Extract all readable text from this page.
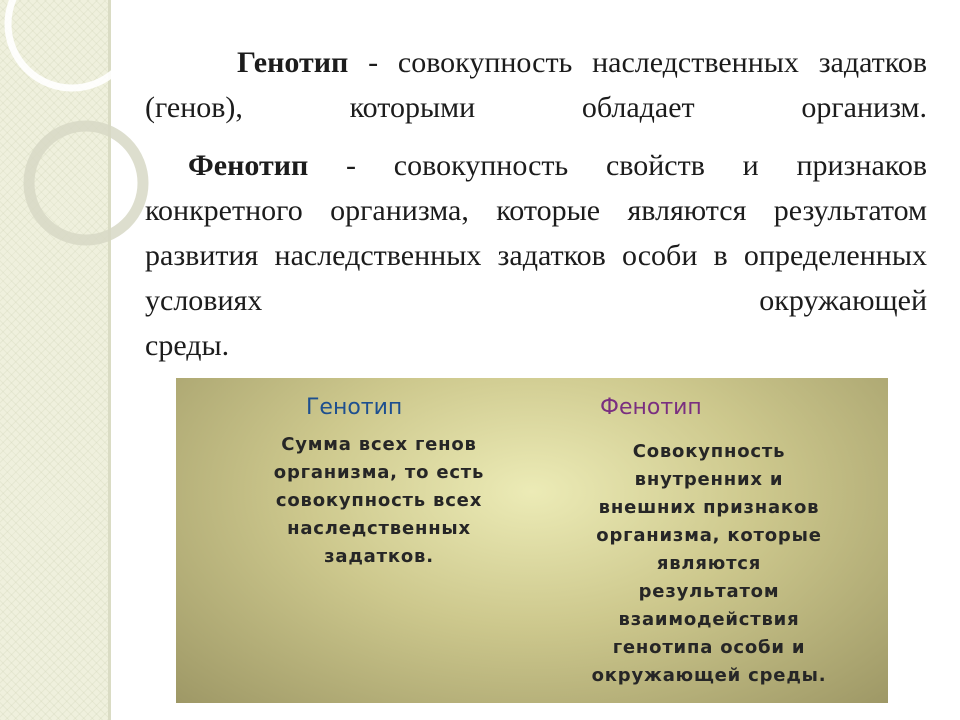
Генотип - совокупность наследственных задатков (генов), которыми обладает организм.

Фенотип - совокупность свойств и признаков конкретного организма, которые являются результатом развития наследственных задатков особи в определенных условиях окружающей

среды.

Генотип	Фенотип

Сумма всех генов
организма, то есть
совокупность всех
наследственных
задатков.

Совокупность
внутренних и
внешних признаков
организма, которые
являются
результатом
взаимодействия
генотипа особи и
окружающей среды.
